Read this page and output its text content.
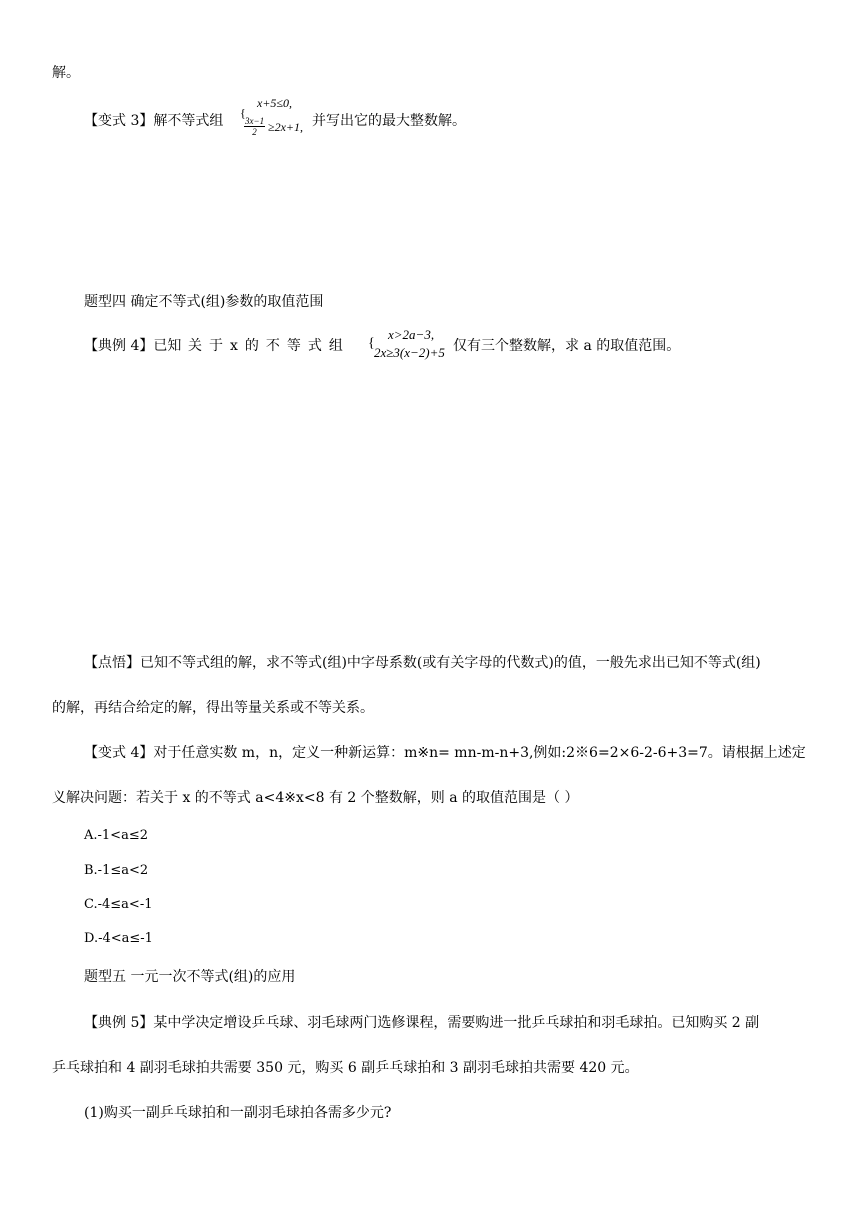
解。
【变式 3】解不等式组 {
x+5≤0,
$\frac{3x-1}{2} \ge 2x+1$, 并写出它的最大整数解。
题型四 确定不等式(组)参数的取值范围
【典例 4】已知 关于x的不等式组 {
x>2a−3,
2x≥3(x−2)+5 仅有三个整数解，求 a 的取值范围。
【点悟】已知不等式组的解，求不等式(组)中字母系数(或有关字母的代数式)的值，一般先求出已知不等式(组)
的解，再结合给定的解，得出等量关系或不等关系。
【变式 4】对于任意实数 m，n，定义一种新运算：m※n= mn-m-n+3,例如:2※6=2×6-2-6+3=7。请根据上述定
义解决问题：若关于 x 的不等式 a<4※x<8 有 2 个整数解，则 a 的取值范围是（ ）
A.-1<a≤2
B.-1≤a<2
C.-4≤a<-1
D.-4<a≤-1
题型五 一元一次不等式(组)的应用
【典例 5】某中学决定增设乒乓球、羽毛球两门选修课程，需要购进一批乒乓球拍和羽毛球拍。已知购买 2 副
乒乓球拍和 4 副羽毛球拍共需要 350 元，购买 6 副乒乓球拍和 3 副羽毛球拍共需要 420 元。
(1)购买一副乒乓球拍和一副羽毛球拍各需多少元?
